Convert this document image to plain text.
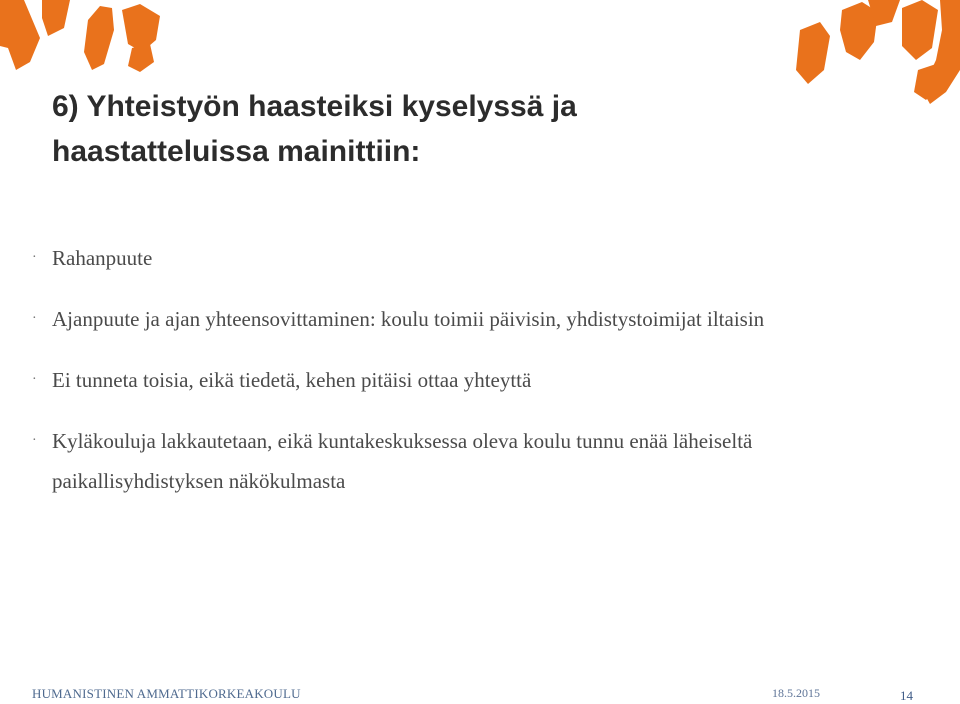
6) Yhteistyön haasteiksi kyselyssä ja
haastatteluissa mainittiin:
· Rahanpuute
· Ajanpuute ja ajan yhteensovittaminen: koulu toimii päivisin, yhdistystoimijat iltaisin
· Ei tunneta toisia, eikä tiedetä, kehen pitäisi ottaa yhteyttä
· Kyläkouluja lakkautetaan, eikä kuntakeskuksessa oleva koulu tunnu enää läheiseltä paikallisyhdistyksen näkökulmasta
HUMANISTINEN AMMATTIKORKEAKOULU	18.5.2015	14
